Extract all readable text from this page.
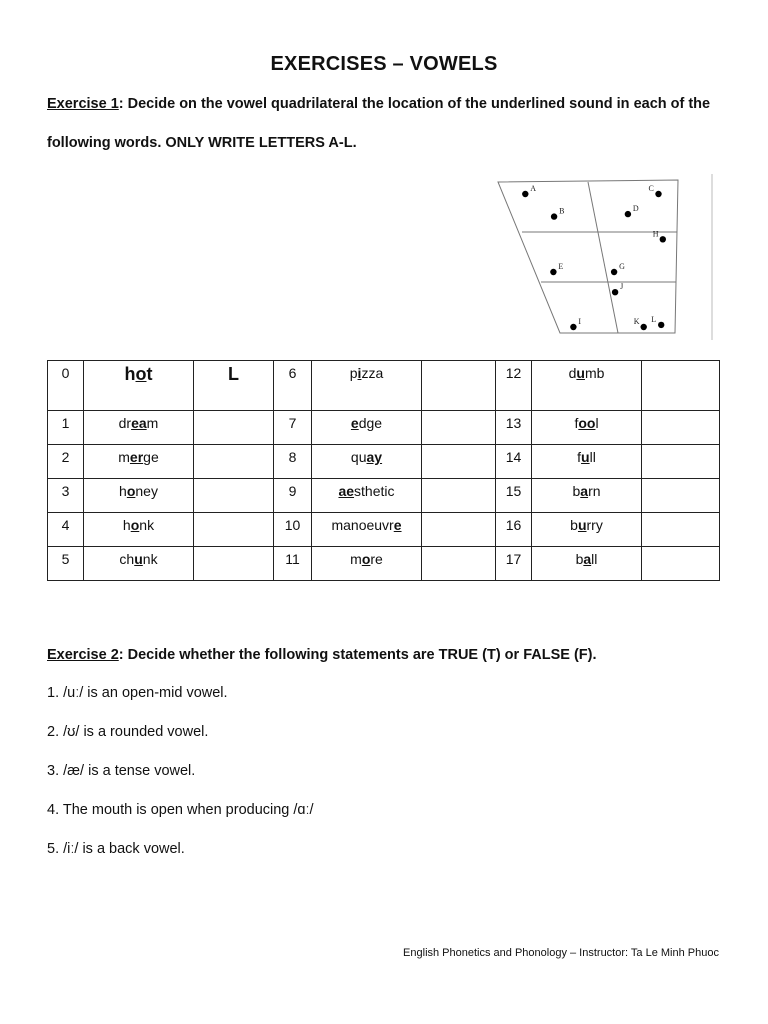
EXERCISES – VOWELS
Exercise 1: Decide on the vowel quadrilateral the location of the underlined sound in each of the
following words. ONLY WRITE LETTERS A-L.
A
B
C
D
E	G
H
J
L
I	K
0	hot	L	6	pizza		12	dumb	
1	dream		7	edge		13	fool	
2	merge		8	quay		14	full	
3	honey		9	aesthetic		15	barn	
4	honk		10	manoeuvre		16	burry	
5	chunk		11	more		17	ball	
Exercise 2: Decide whether the following statements are TRUE (T) or FALSE (F).
1. /uː/ is an open-mid vowel.
2. /ʊ/ is a rounded vowel.
3. /æ/ is a tense vowel.
4. The mouth is open when producing /ɑː/
5. /iː/ is a back vowel.
English Phonetics and Phonology – Instructor: Ta Le Minh Phuoc
